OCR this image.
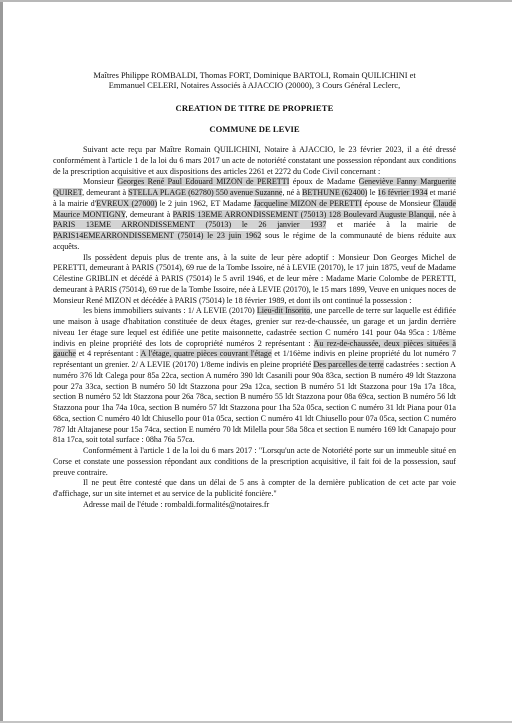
Maîtres Philippe ROMBALDI, Thomas FORT, Dominique BARTOLI, Romain QUILICHINI et
Emmanuel CELERI, Notaires Associés à AJACCIO (20000), 3 Cours Général Leclerc,
CREATION DE TITRE DE PROPRIETE
COMMUNE DE LEVIE

Suivant acte reçu par Maître Romain QUILICHINI, Notaire à AJACCIO, le 23 février 2023, il a été dressé conformément à l'article 1 de la loi du 6 mars 2017 un acte de notoriété constatant une possession répondant aux conditions de la prescription acquisitive et aux dispositions des articles 2261 et 2272 du Code Civil concernant :

Monsieur Georges René Paul Edouard MIZON de PERETTI époux de Madame Geneviève Fanny Marguerite QUIRET, demeurant à STELLA PLAGE (62780) 550 avenue Suzanne, né à BETHUNE (62400) le 16 février 1934 et marié à la mairie d'EVREUX (27000) le 2 juin 1962, ET Madame Jacqueline MIZON de PERETTI épouse de Monsieur Claude Maurice MONTIGNY, demeurant à PARIS 13EME ARRONDISSEMENT (75013) 128 Boulevard Auguste Blanqui, née à PARIS 13EME ARRONDISSEMENT (75013) le 26 janvier 1937 et mariée à la mairie de PARIS14EMEARRONDISSEMENT (75014) le 23 juin 1962 sous le régime de la communauté de biens réduite aux acquêts.

Ils possèdent depuis plus de trente ans, à la suite de leur père adoptif : Monsieur Don Georges Michel de PERETTI, demeurant à PARIS (75014), 69 rue de la Tombe Issoire, né à LEVIE (20170), le 17 juin 1875, veuf de Madame Célestine GRIBLIN et décédé à PARIS (75014) le 5 avril 1946, et de leur mère : Madame Marie Colombe de PERETTI, demeurant à PARIS (75014), 69 rue de la Tombe Issoire, née à LEVIE (20170), le 15 mars 1899, Veuve en uniques noces de Monsieur René MIZON et décédée à PARIS (75014) le 18 février 1989, et dont ils ont continué la possession :

les biens immobiliers suivants : 1/ A LEVIE (20170) Lieu-dit Insorito, une parcelle de terre sur laquelle est édifiée une maison à usage d'habitation constituée de deux étages, grenier sur rez-de-chaussée, un garage et un jardin derrière niveau 1er étage sure lequel est édifiée une petite maisonnette, cadastrée section C numéro 141 pour 04a 95ca : 1/8ème indivis en pleine propriété des lots de copropriété numéros 2 représentant : Au rez-de-chaussée, deux pièces situées à gauche et 4 représentant : A l'étage, quatre pièces couvrant l'étage et 1/16ème indivis en pleine propriété du lot numéro 7 représentant un grenier. 2/ A LEVIE (20170) 1/8eme indivis en pleine propriété Des parcelles de terre cadastrées : section A numéro 376 ldt Calega pour 85a 22ca, section A numéro 390 ldt Casanili pour 90a 83ca, section B numéro 49 ldt Stazzona pour 27a 33ca, section B numéro 50 ldt Stazzona pour 29a 12ca, section B numéro 51 ldt Stazzona pour 19a 17a 18ca, section B numéro 52 ldt Stazzona pour 26a 78ca, section B numéro 55 ldt Stazzona pour 08a 69ca, section B numéro 56 ldt Stazzona pour 1ha 74a 10ca, section B numéro 57 ldt Stazzona pour 1ha 52a 05ca, section C numéro 31 ldt Piana pour 01a 68ca, section C numéro 40 ldt Chiusello pour 01a 05ca, section C numéro 41 ldt Chiusello pour 07a 05ca, section C numéro 787 ldt Altajanese pour 15a 74ca, section E numéro 70 ldt Milella pour 58a 58ca et section E numéro 169 ldt Canapajo pour 81a 17ca, soit total surface : 08ha 76a 57ca.

Conformément à l'article 1 de la loi du 6 mars 2017 : "Lorsqu'un acte de Notoriété porte sur un immeuble situé en Corse et constate une possession répondant aux conditions de la prescription acquisitive, il fait foi de la possession, sauf preuve contraire.

Il ne peut être contesté que dans un délai de 5 ans à compter de la dernière publication de cet acte par voie d'affichage, sur un site internet et au service de la publicité foncière."

Adresse mail de l'étude : rombaldi.formalités@notaires.fr
